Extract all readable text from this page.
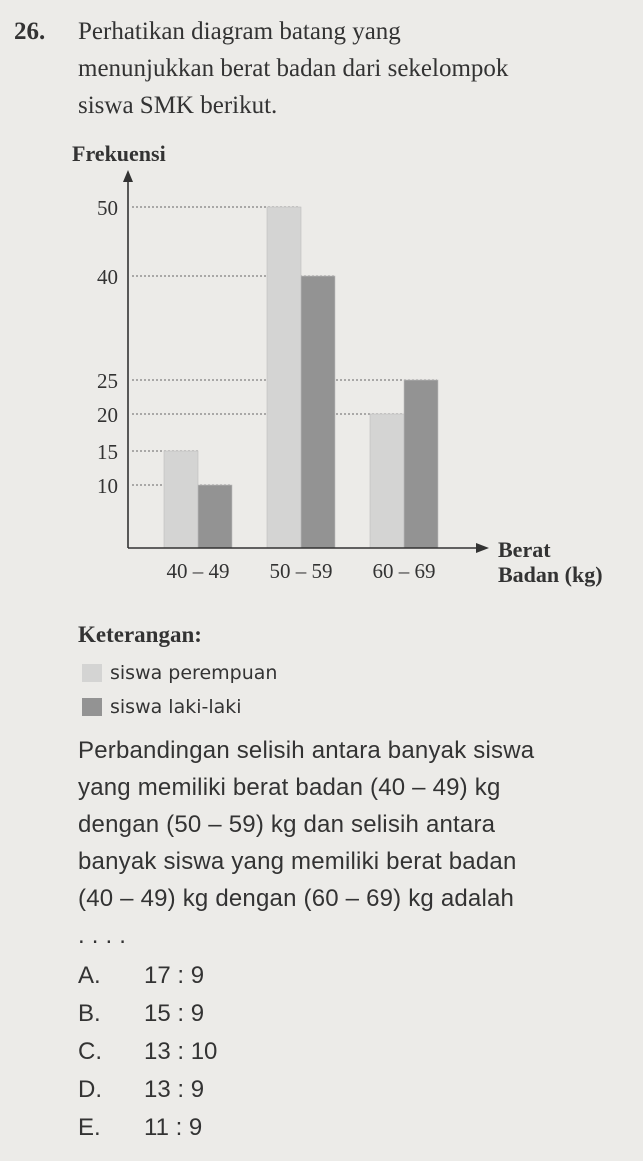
26. Perhatikan diagram batang yang
menunjukkan berat badan dari sekelompok
siswa SMK berikut.
10
15
20
25
40
50
40 – 49 50 – 59 60 – 69
Frekuensi
Berat
Badan (kg)
Keterangan:
siswa perempuan
siswa laki-laki
Perbandingan selisih antara banyak siswa
yang memiliki berat badan (40 – 49) kg
dengan (50 – 59) kg dan selisih antara
banyak siswa yang memiliki berat badan
(40 – 49) kg dengan (60 – 69) kg adalah
. . . .
A.	17 : 9
B.	15 : 9
C.	13 : 10
D.	13 : 9
E.	11 : 9
